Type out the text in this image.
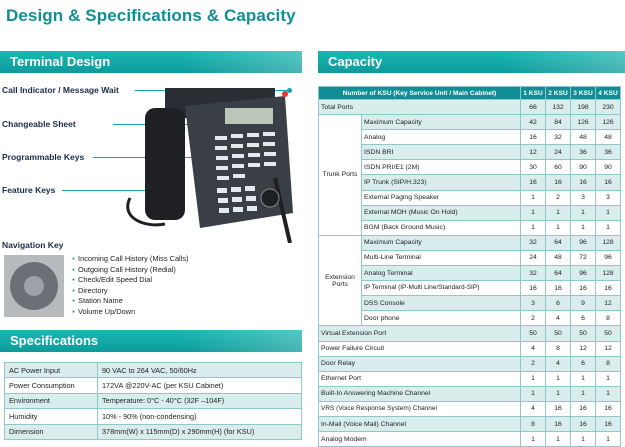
Design & Specifications & Capacity
Terminal Design
Call Indicator / Message Wait
Changeable Sheet
Programmable Keys
Feature Keys
Navigation Key
● Incoming Call History (Miss Calls)
● Outgoing Call History (Redial)
● Check/Edit Speed Dial
● Directory
● Station Name
● Volume Up/Down
Specifications
AC Power Input	90 VAC to 264 VAC, 50/60Hz
Power Consumption	172VA @220V-AC (per KSU Cabinet)
Environment	Temperature: 0°C - 40°C (32F –104F)
Humidity	10% - 90% (non-condensing)
Dimension	378mm(W) x 115mm(D) x 290mm(H) (for KSU)
Capacity
Number of KSU (Key Service Unit / Main Cabinet)		1 KSU	2 KSU	3 KSU	4 KSU
Total Ports		66	132	198	230
Trunk Ports	Maximum Capacity	42	84	126	126
	Analog	16	32	48	48
	ISDN BRI	12	24	36	36
	ISDN PRI/E1 (2M)	30	60	90	90
	IP Trunk (SIP/H.323)	16	16	16	16
	External Paging Speaker	1	2	3	3
	External MOH (Music On Hold)	1	1	1	1
	BGM (Back Ground Music)	1	1	1	1
Extension Ports	Maximum Capacity	32	64	96	128
	Multi-Line Terminal	24	48	72	96
	Analog Terminal	32	64	96	128
	IP Terminal (IP-Multi Line/Standard-SIP)	16	16	16	16
	DSS Console	3	6	9	12
	Door phone	2	4	6	8
Virtual Extension Port		50	50	50	50
Power Failure Circuit		4	8	12	12
Door Relay		2	4	6	8
Ethernet Port		1	1	1	1
Built-In Answering Machine Channel		1	1	1	1
VRS (Voice Response System) Channel		4	16	16	16
In-Mail (Voice Mail) Channel		8	16	16	16
Analog Modem		1	1	1	1
